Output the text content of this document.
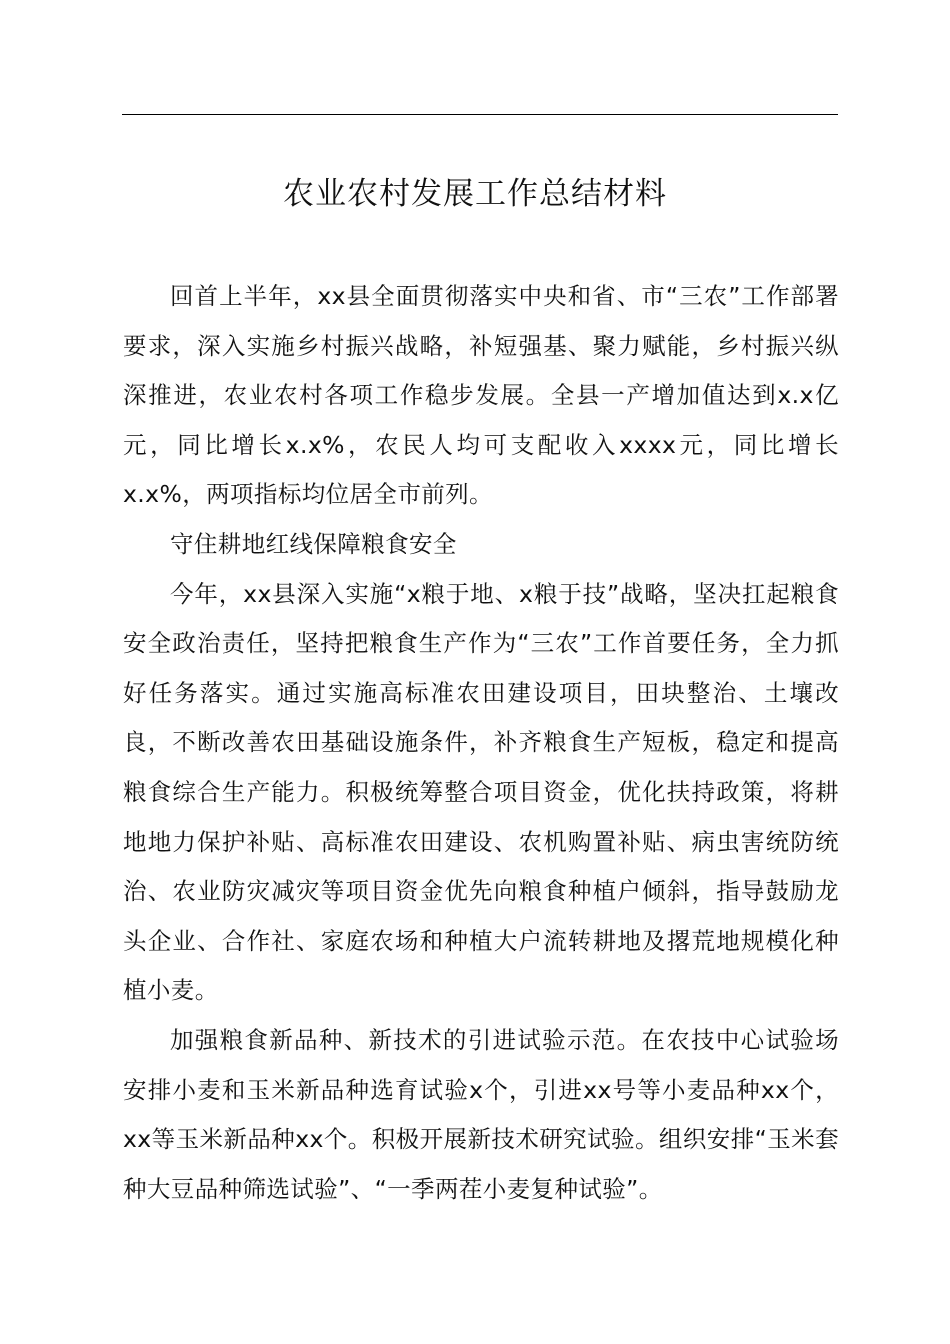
农业农村发展工作总结材料

回首上半年，xx县全面贯彻落实中央和省、市“三农”工作部署要求，深入实施乡村振兴战略，补短强基、聚力赋能，乡村振兴纵深推进，农业农村各项工作稳步发展。全县一产增加值达到x.x亿元，同比增长x.x%，农民人均可支配收入xxxx元，同比增长x.x%，两项指标均位居全市前列。

守住耕地红线保障粮食安全

今年，xx县深入实施“x粮于地、x粮于技”战略，坚决扛起粮食安全政治责任，坚持把粮食生产作为“三农”工作首要任务，全力抓好任务落实。通过实施高标准农田建设项目，田块整治、土壤改良，不断改善农田基础设施条件，补齐粮食生产短板，稳定和提高粮食综合生产能力。积极统筹整合项目资金，优化扶持政策，将耕地地力保护补贴、高标准农田建设、农机购置补贴、病虫害统防统治、农业防灾减灾等项目资金优先向粮食种植户倾斜，指导鼓励龙头企业、合作社、家庭农场和种植大户流转耕地及撂荒地规模化种植小麦。

加强粮食新品种、新技术的引进试验示范。在农技中心试验场安排小麦和玉米新品种选育试验x个，引进xx号等小麦品种xx个，xx等玉米新品种xx个。积极开展新技术研究试验。组织安排“玉米套种大豆品种筛选试验”、“一季两茬小麦复种试验”。
